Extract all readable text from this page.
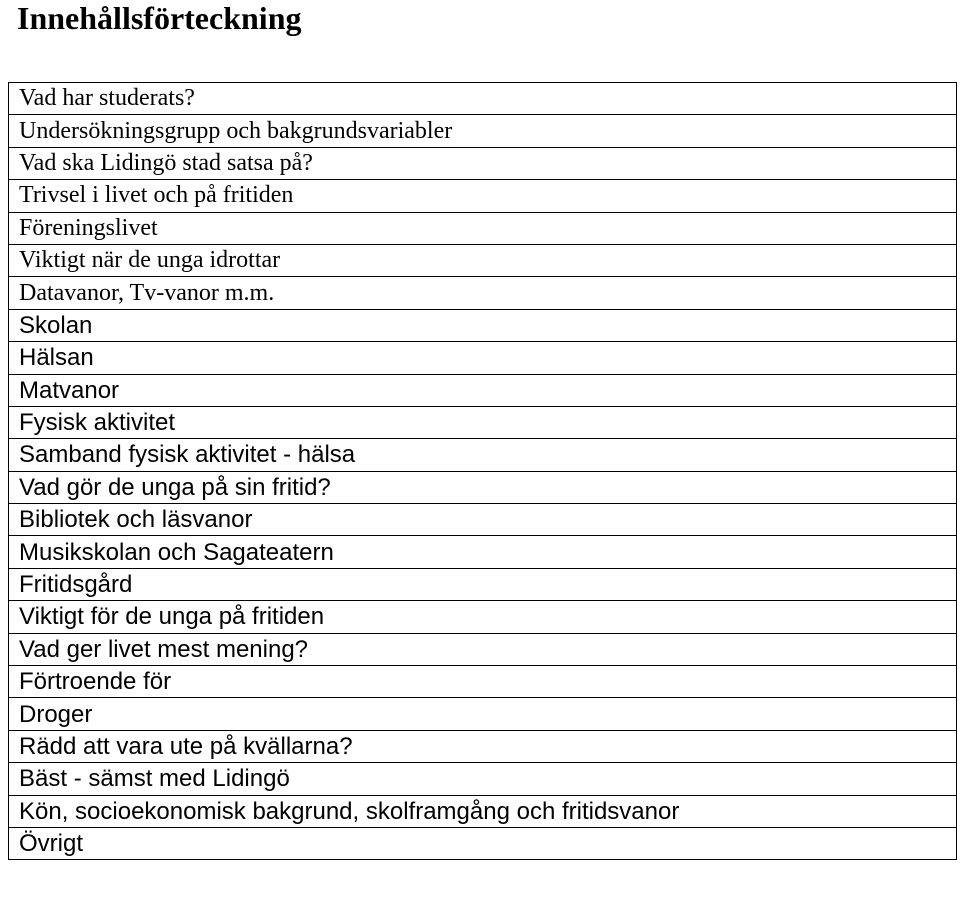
Innehållsförteckning
Vad har studerats?
Undersökningsgrupp och bakgrundsvariabler
Vad ska Lidingö stad satsa på?
Trivsel i livet och på fritiden
Föreningslivet
Viktigt när de unga idrottar
Datavanor, Tv-vanor m.m.
Skolan
Hälsan
Matvanor
Fysisk aktivitet
Samband fysisk aktivitet - hälsa
Vad gör de unga på sin fritid?
Bibliotek och läsvanor
Musikskolan och Sagateatern
Fritidsgård
Viktigt för de unga på fritiden
Vad ger livet mest mening?
Förtroende för
Droger
Rädd att vara ute på kvällarna?
Bäst - sämst med Lidingö
Kön, socioekonomisk bakgrund, skolframgång och fritidsvanor
Övrigt
